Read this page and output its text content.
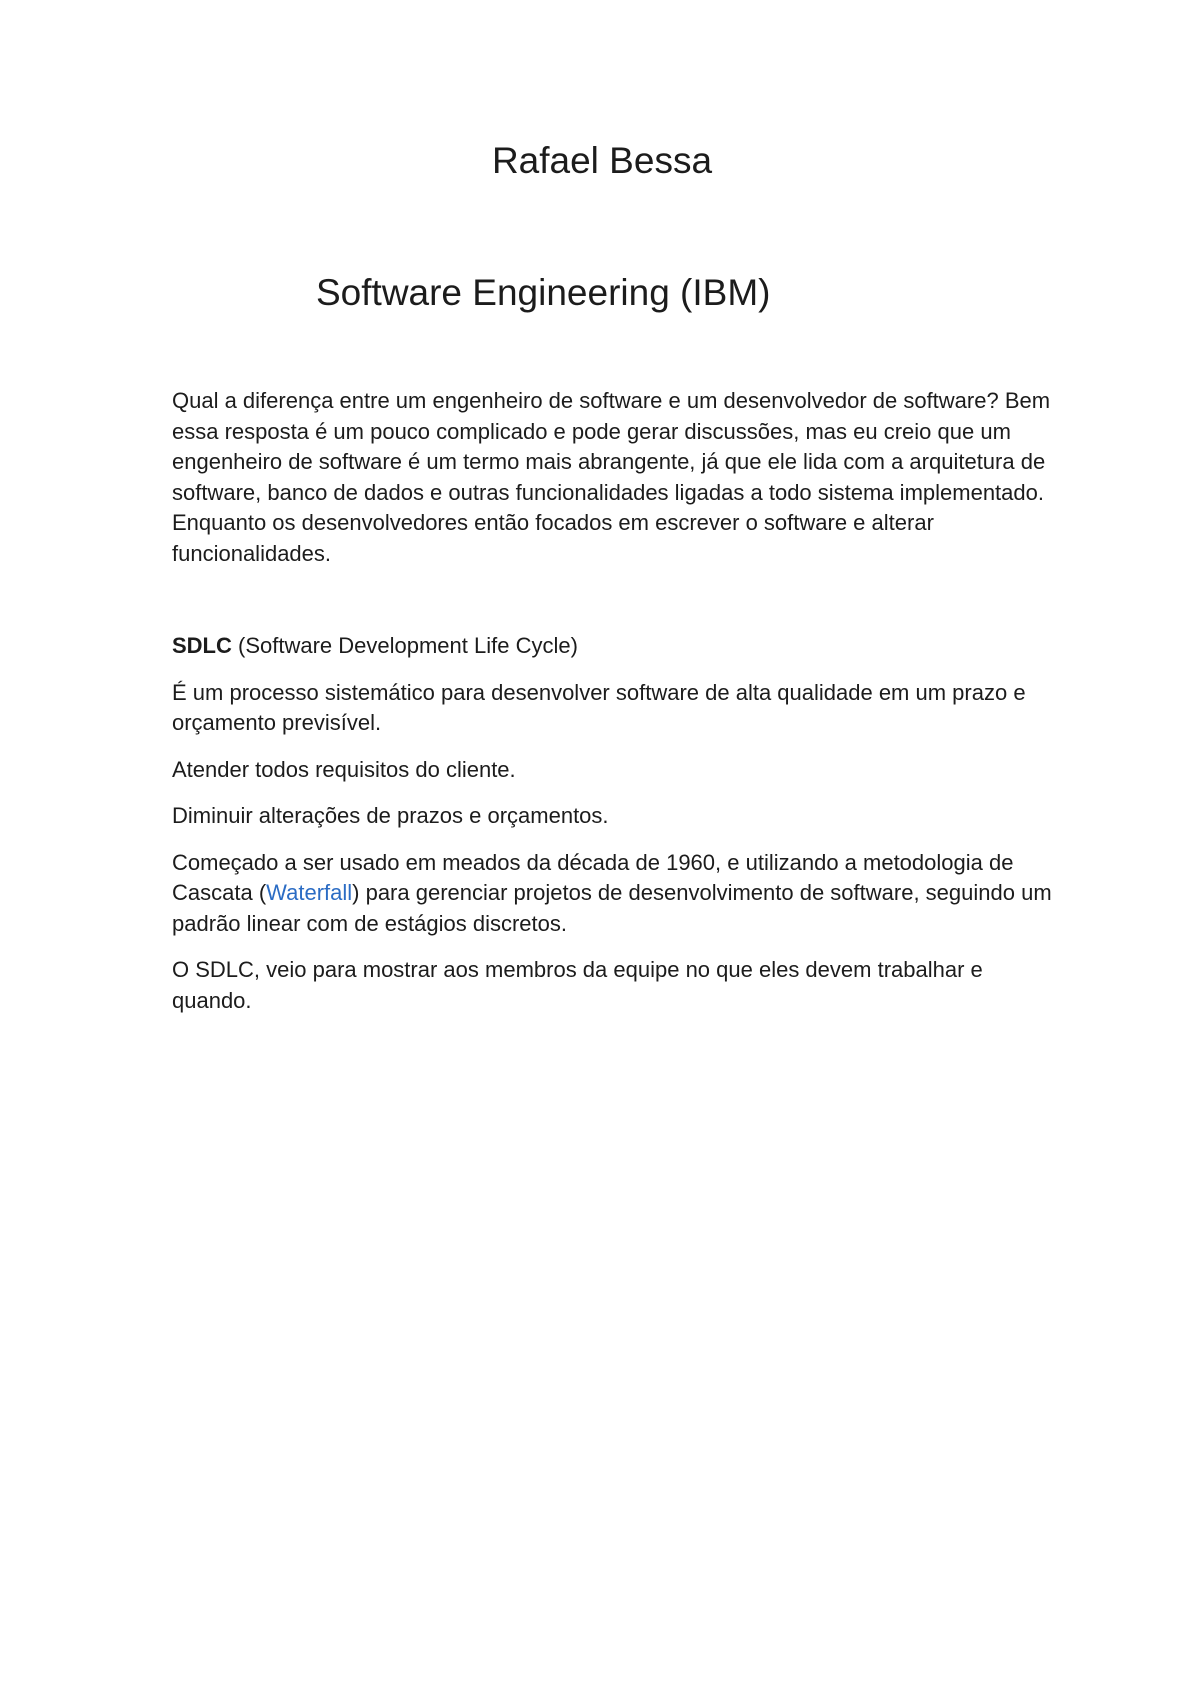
Rafael Bessa
Software Engineering (IBM)

Qual a diferença entre um engenheiro de software e um desenvolvedor de software? Bem essa resposta é um pouco complicado e pode gerar discussões, mas eu creio que um engenheiro de software é um termo mais abrangente, já que ele lida com a arquitetura de software, banco de dados e outras funcionalidades ligadas a todo sistema implementado. Enquanto os desenvolvedores então focados em escrever o software e alterar funcionalidades.

SDLC (Software Development Life Cycle)

É um processo sistemático para desenvolver software de alta qualidade em um prazo e orçamento previsível.

Atender todos requisitos do cliente.

Diminuir alterações de prazos e orçamentos.

Começado a ser usado em meados da década de 1960, e utilizando a metodologia de Cascata (Waterfall) para gerenciar projetos de desenvolvimento de software, seguindo um padrão linear com de estágios discretos.

O SDLC, veio para mostrar aos membros da equipe no que eles devem trabalhar e quando.
